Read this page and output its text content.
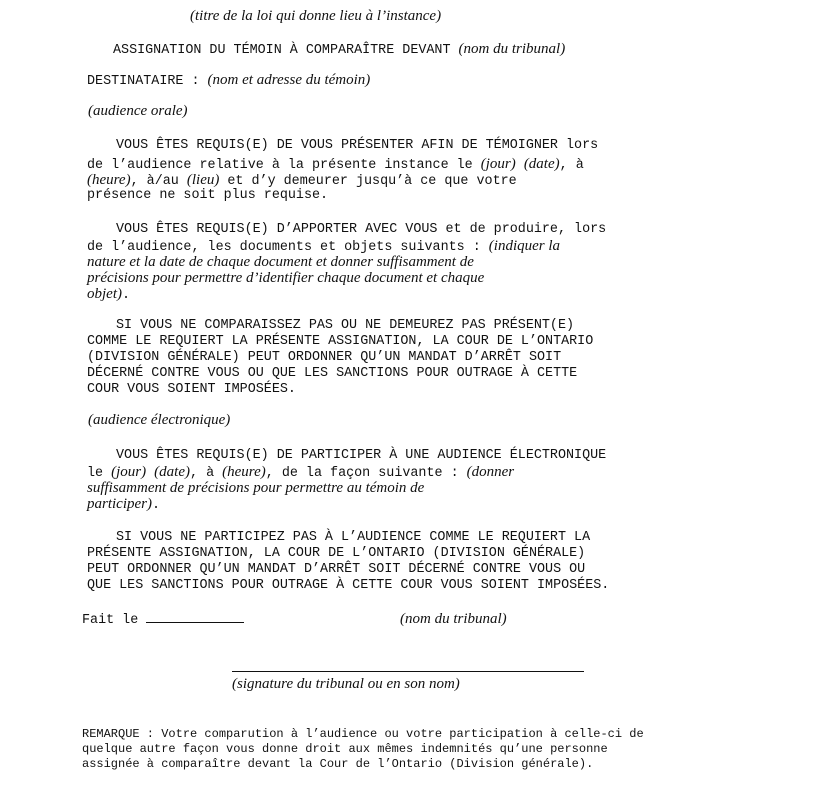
(titre de la loi qui donne lieu à l’instance)
ASSIGNATION DU TÉMOIN À COMPARAÎTRE DEVANT (nom du tribunal)
DESTINATAIRE : (nom et adresse du témoin)
(audience orale)
VOUS ÊTES REQUIS(E) DE VOUS PRÉSENTER AFIN DE TÉMOIGNER lors
de l’audience relative à la présente instance le (jour) (date), à
(heure), à/au (lieu) et d’y demeurer jusqu’à ce que votre
présence ne soit plus requise.
VOUS ÊTES REQUIS(E) D’APPORTER AVEC VOUS et de produire, lors
de l’audience, les documents et objets suivants : (indiquer la
nature et la date de chaque document et donner suffisamment de
précisions pour permettre d’identifier chaque document et chaque
objet).
SI VOUS NE COMPARAISSEZ PAS OU NE DEMEUREZ PAS PRÉSENT(E)
COMME LE REQUIERT LA PRÉSENTE ASSIGNATION, LA COUR DE L’ONTARIO
(DIVISION GÉNÉRALE) PEUT ORDONNER QU’UN MANDAT D’ARRÊT SOIT
DÉCERNÉ CONTRE VOUS OU QUE LES SANCTIONS POUR OUTRAGE À CETTE
COUR VOUS SOIENT IMPOSÉES.
(audience électronique)
VOUS ÊTES REQUIS(E) DE PARTICIPER À UNE AUDIENCE ÉLECTRONIQUE
le (jour) (date), à (heure), de la façon suivante : (donner
suffisamment de précisions pour permettre au témoin de
participer).
SI VOUS NE PARTICIPEZ PAS À L’AUDIENCE COMME LE REQUIERT LA
PRÉSENTE ASSIGNATION, LA COUR DE L’ONTARIO (DIVISION GÉNÉRALE)
PEUT ORDONNER QU’UN MANDAT D’ARRÊT SOIT DÉCERNÉ CONTRE VOUS OU
QUE LES SANCTIONS POUR OUTRAGE À CETTE COUR VOUS SOIENT IMPOSÉES.
Fait le	(nom du tribunal)
(signature du tribunal ou en son nom)
REMARQUE : Votre comparution à l’audience ou votre participation à celle-ci de
quelque autre façon vous donne droit aux mêmes indemnités qu’une personne
assignée à comparaître devant la Cour de l’Ontario (Division générale).
